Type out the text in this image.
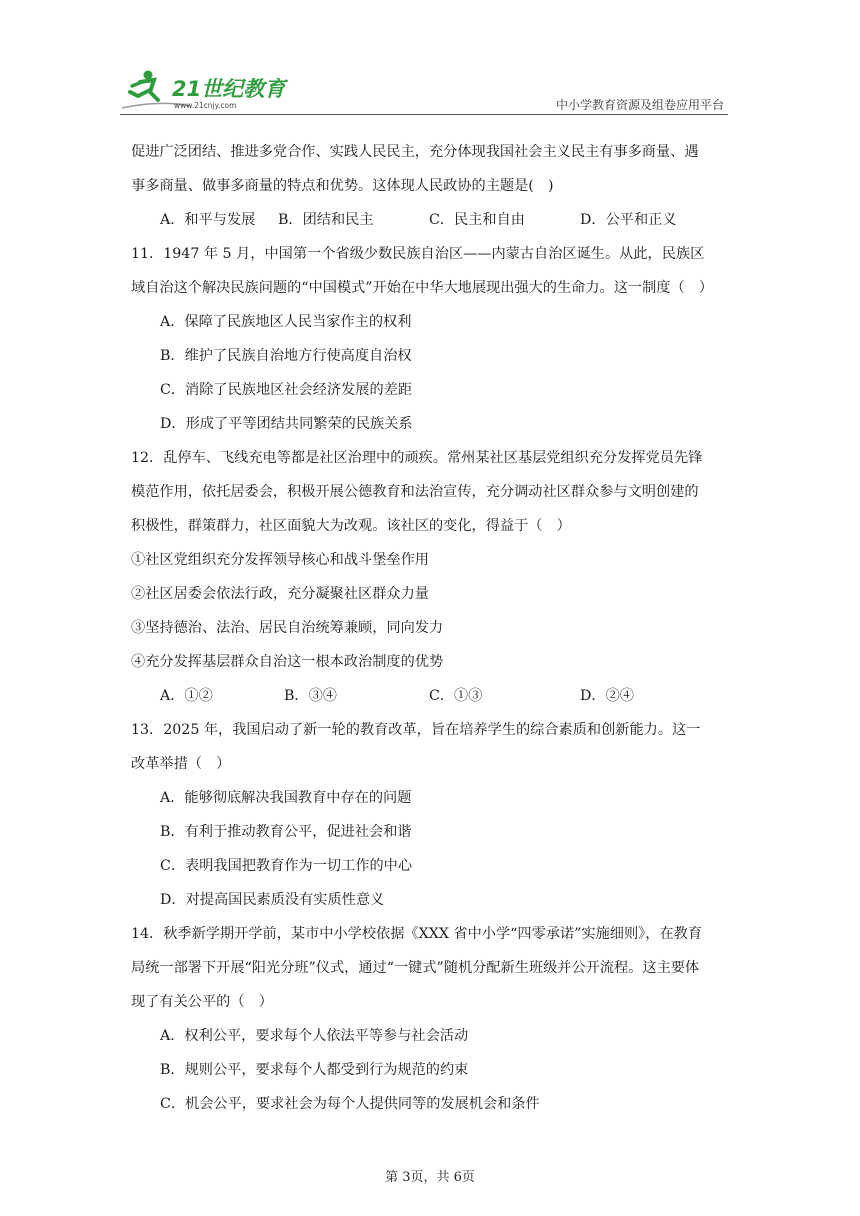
21世纪教育
www.21cnjy.com	中小学教育资源及组卷应用平台
促进广泛团结、推进多党合作、实践人民民主，充分体现我国社会主义民主有事多商量、遇
事多商量、做事多商量的特点和优势。这体现人民政协的主题是(　)
A．和平与发展 B．团结和民主	C．民主和自由	D．公平和正义
11．1947 年 5 月，中国第一个省级少数民族自治区——内蒙古自治区诞生。从此，民族区
域自治这个解决民族问题的“中国模式”开始在中华大地展现出强大的生命力。这一制度（　）
A．保障了民族地区人民当家作主的权利
B．维护了民族自治地方行使高度自治权
C．消除了民族地区社会经济发展的差距
D．形成了平等团结共同繁荣的民族关系
12．乱停车、飞线充电等都是社区治理中的顽疾。常州某社区基层党组织充分发挥党员先锋
模范作用，依托居委会，积极开展公德教育和法治宣传，充分调动社区群众参与文明创建的
积极性，群策群力，社区面貌大为改观。该社区的变化，得益于（　）
①社区党组织充分发挥领导核心和战斗堡垒作用
②社区居委会依法行政，充分凝聚社区群众力量
③坚持德治、法治、居民自治统筹兼顾，同向发力
④充分发挥基层群众自治这一根本政治制度的优势
A．①②	B．③④	C．①③	D．②④
13．2025 年，我国启动了新一轮的教育改革，旨在培养学生的综合素质和创新能力。这一
改革举措（　）
A．能够彻底解决我国教育中存在的问题
B．有利于推动教育公平，促进社会和谐
C．表明我国把教育作为一切工作的中心
D．对提高国民素质没有实质性意义
14．秋季新学期开学前，某市中小学校依据《XXX 省中小学“四零承诺”实施细则》，在教育
局统一部署下开展“阳光分班”仪式，通过“一键式”随机分配新生班级并公开流程。这主要体
现了有关公平的（　）
A．权利公平，要求每个人依法平等参与社会活动
B．规则公平，要求每个人都受到行为规范的约束
C．机会公平，要求社会为每个人提供同等的发展机会和条件
第 3页，共 6页
